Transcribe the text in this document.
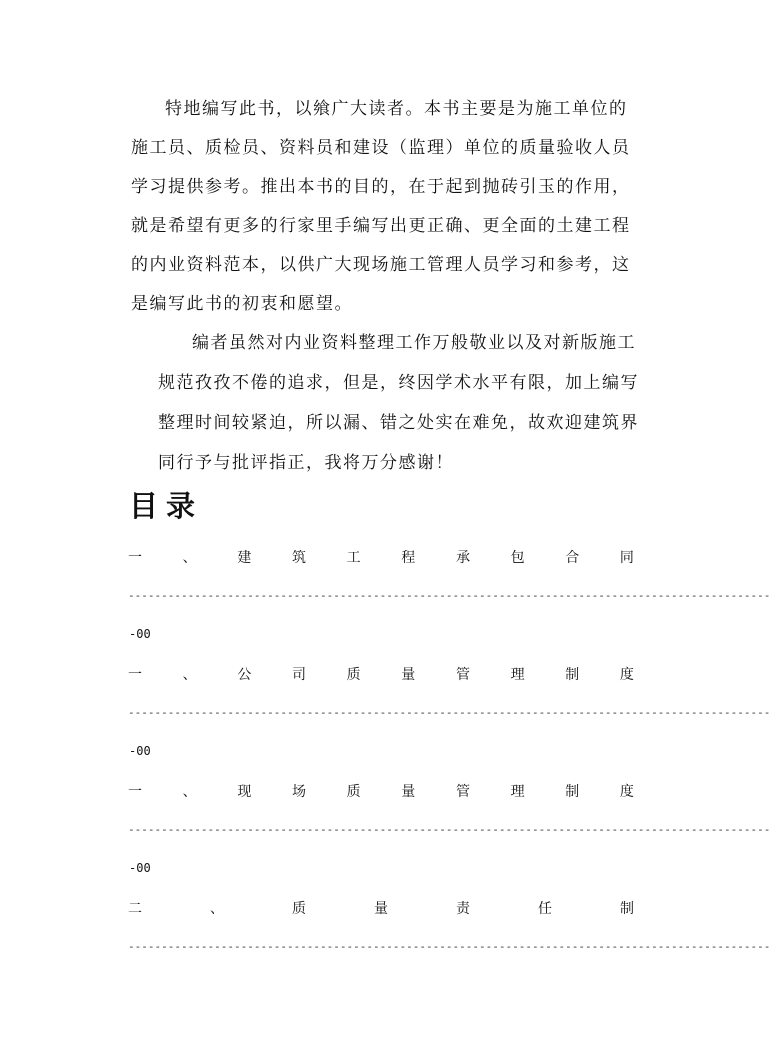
特地编写此书，以飨广大读者。本书主要是为施工单位的施工员、质检员、资料员和建设（监理）单位的质量验收人员学习提供参考。推出本书的目的，在于起到抛砖引玉的作用，就是希望有更多的行家里手编写出更正确、更全面的土建工程的内业资料范本，以供广大现场施工管理人员学习和参考，这是编写此书的初衷和愿望。

编者虽然对内业资料整理工作万般敬业以及对新版施工规范孜孜不倦的追求，但是，终因学术水平有限，加上编写整理时间较紧迫，所以漏、错之处实在难免，故欢迎建筑界同行予与批评指正，我将万分感谢！

目录
一	、	建	筑	工	程	承	包	合	同
-------------------------------------------------------------------------------------------------
-00
一	、	公	司	质	量	管	理	制	度
-------------------------------------------------------------------------------------------------
-00
一	、	现	场	质	量	管	理	制	度
-------------------------------------------------------------------------------------------------
-00
二	、	质	量	责	任	制
-------------------------------------------------------------------------------------------------
